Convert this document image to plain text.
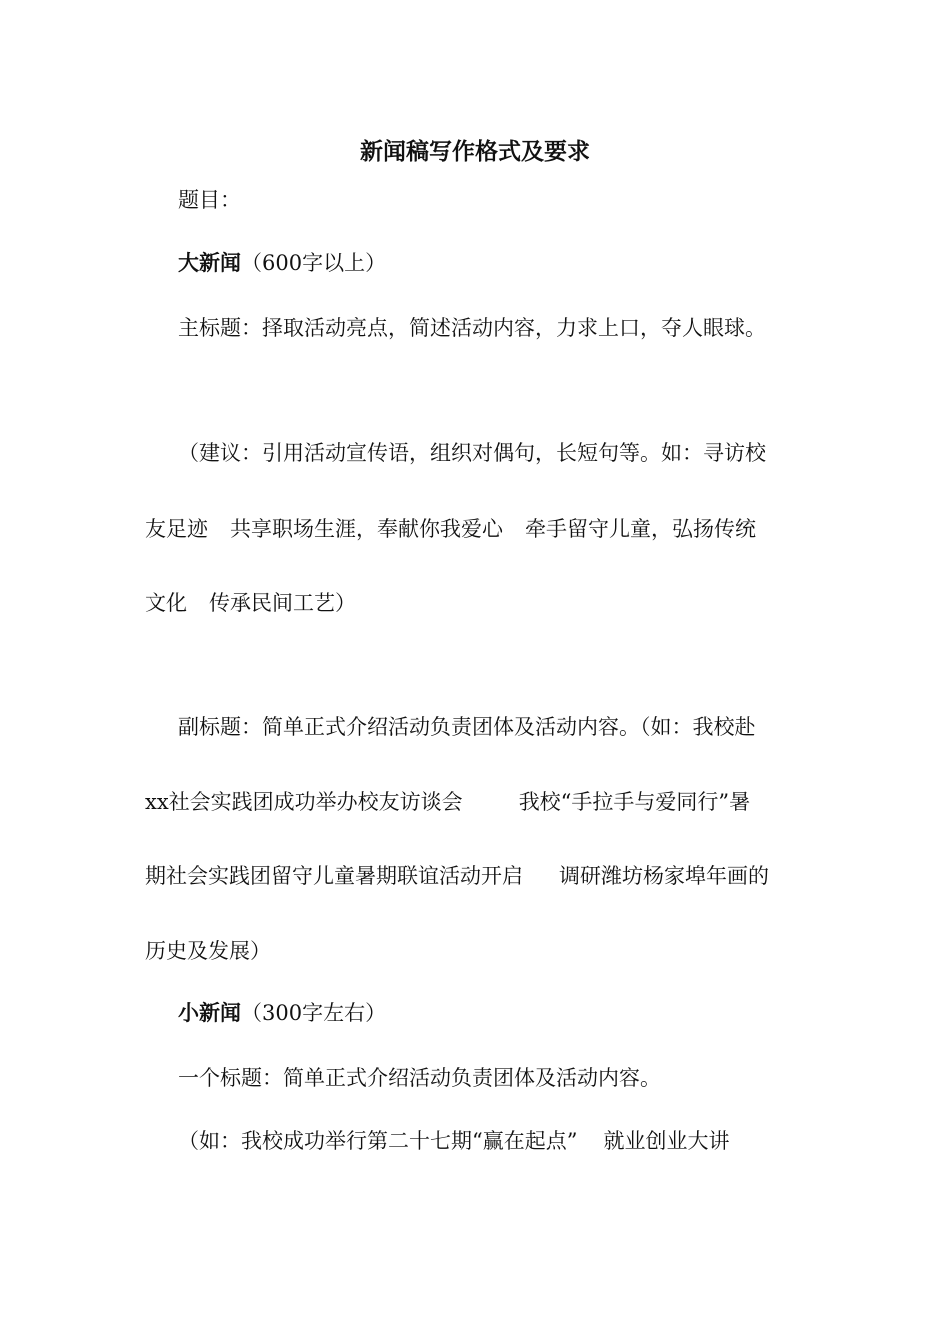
新闻稿写作格式及要求
题目：
大新闻（600字以上）
主标题：择取活动亮点，简述活动内容，力求上口，夺人眼球。
（建议：引用活动宣传语，组织对偶句，长短句等。如：寻访校
友足迹 共享职场生涯，奉献你我爱心 牵手留守儿童，弘扬传统
文化 传承民间工艺）
副标题：简单正式介绍活动负责团体及活动内容。（如：我校赴
xx社会实践团成功举办校友访谈会	我校“手拉手与爱同行”暑
期社会实践团留守儿童暑期联谊活动开启 调研潍坊杨家埠年画的
历史及发展）
小新闻（300字左右）
一个标题：简单正式介绍活动负责团体及活动内容。
（如：我校成功举行第二十七期“赢在起点” 就业创业大讲
